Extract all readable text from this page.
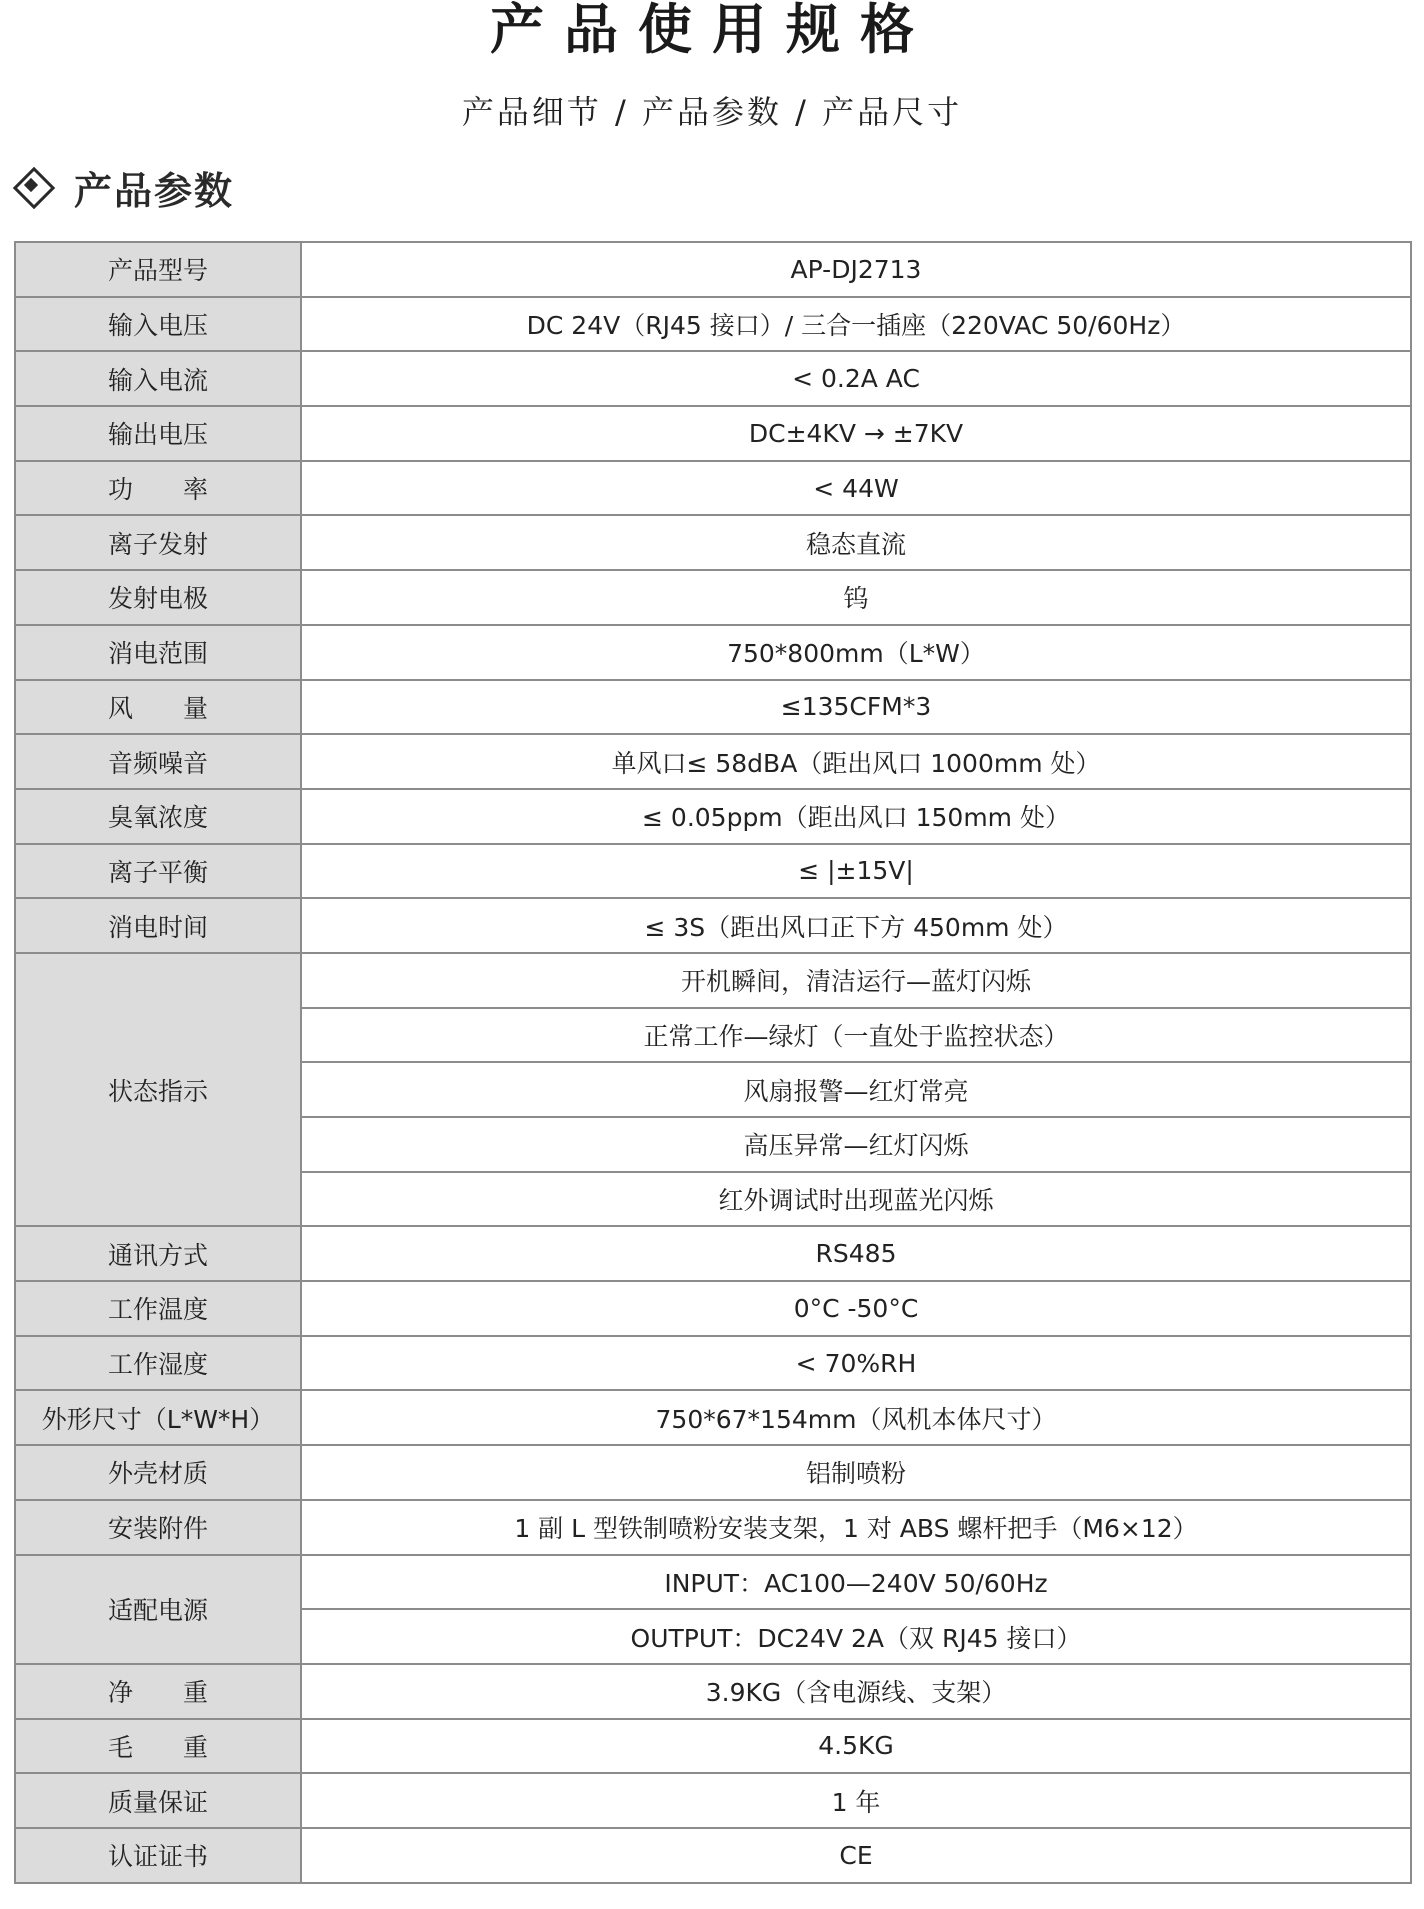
产品使用规格
产品细节 / 产品参数 / 产品尺寸
产品参数
产品型号	AP-DJ2713
输入电压	DC 24V（RJ45 接口）/ 三合一插座（220VAC 50/60Hz）
输入电流	< 0.2A AC
输出电压	DC±4KV → ±7KV
功　　率	< 44W
离子发射	稳态直流
发射电极	钨
消电范围	750*800mm（L*W）
风　　量	≤135CFM*3
音频噪音	单风口≤ 58dBA（距出风口 1000mm 处）
臭氧浓度	≤ 0.05ppm（距出风口 150mm 处）
离子平衡	≤ |±15V|
消电时间	≤ 3S（距出风口正下方 450mm 处）
状态指示	开机瞬间，清洁运行—蓝灯闪烁
	正常工作—绿灯（一直处于监控状态）
	风扇报警—红灯常亮
	高压异常—红灯闪烁
	红外调试时出现蓝光闪烁
通讯方式	RS485
工作温度	0°C -50°C
工作湿度	< 70%RH
外形尺寸（L*W*H）	750*67*154mm（风机本体尺寸）
外壳材质	铝制喷粉
安装附件	1 副 L 型铁制喷粉安装支架，1 对 ABS 螺杆把手（M6×12）
适配电源	INPUT：AC100—240V 50/60Hz
	OUTPUT：DC24V 2A（双 RJ45 接口）
净　　重	3.9KG（含电源线、支架）
毛　　重	4.5KG
质量保证	1 年
认证证书	CE
